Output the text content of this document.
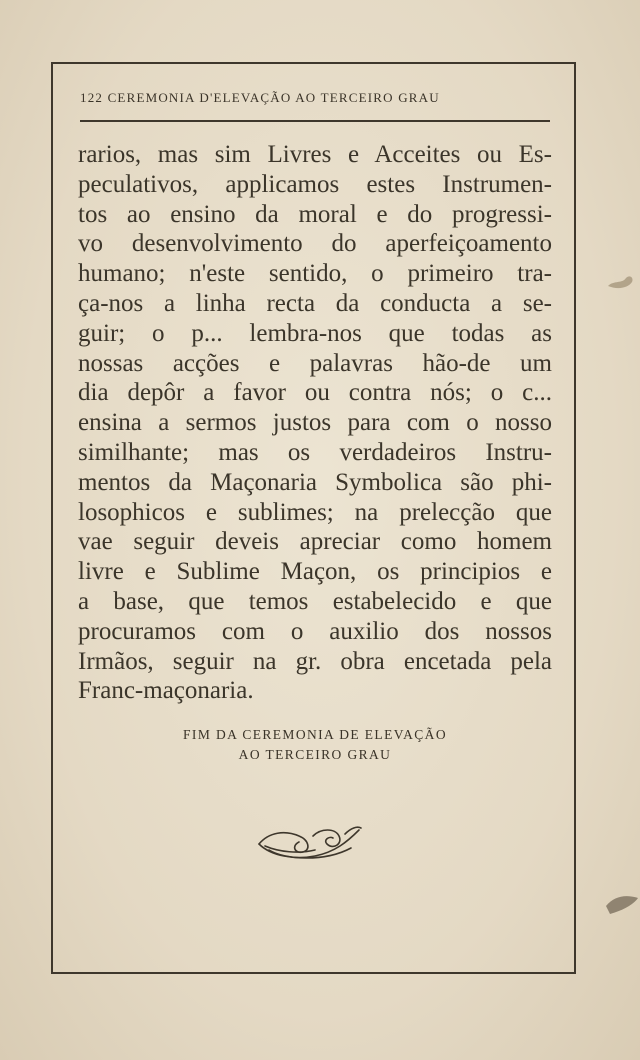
122 CEREMONIA D'ELEVAÇÃO AO TERCEIRO GRAU
rarios, mas sim Livres e Acceites ou Es-
peculativos, applicamos estes Instrumen-
tos ao ensino da moral e do progressi-
vo desenvolvimento do aperfeiçoamento
humano; n'este sentido, o primeiro tra-
ça-nos a linha recta da conducta a se-
guir; o p... lembra-nos que todas as
nossas acções e palavras hão-de um
dia depôr a favor ou contra nós; o c...
ensina a sermos justos para com o nosso
similhante; mas os verdadeiros Instru-
mentos da Maçonaria Symbolica são phi-
losophicos e sublimes; na prelecção que
vae seguir deveis apreciar como homem
livre e Sublime Maçon, os principios e
a base, que temos estabelecido e que
procuramos com o auxilio dos nossos
Irmãos, seguir na gr. obra encetada pela
Franc-maçonaria.
FIM DA CEREMONIA DE ELEVAÇÃO
AO TERCEIRO GRAU
